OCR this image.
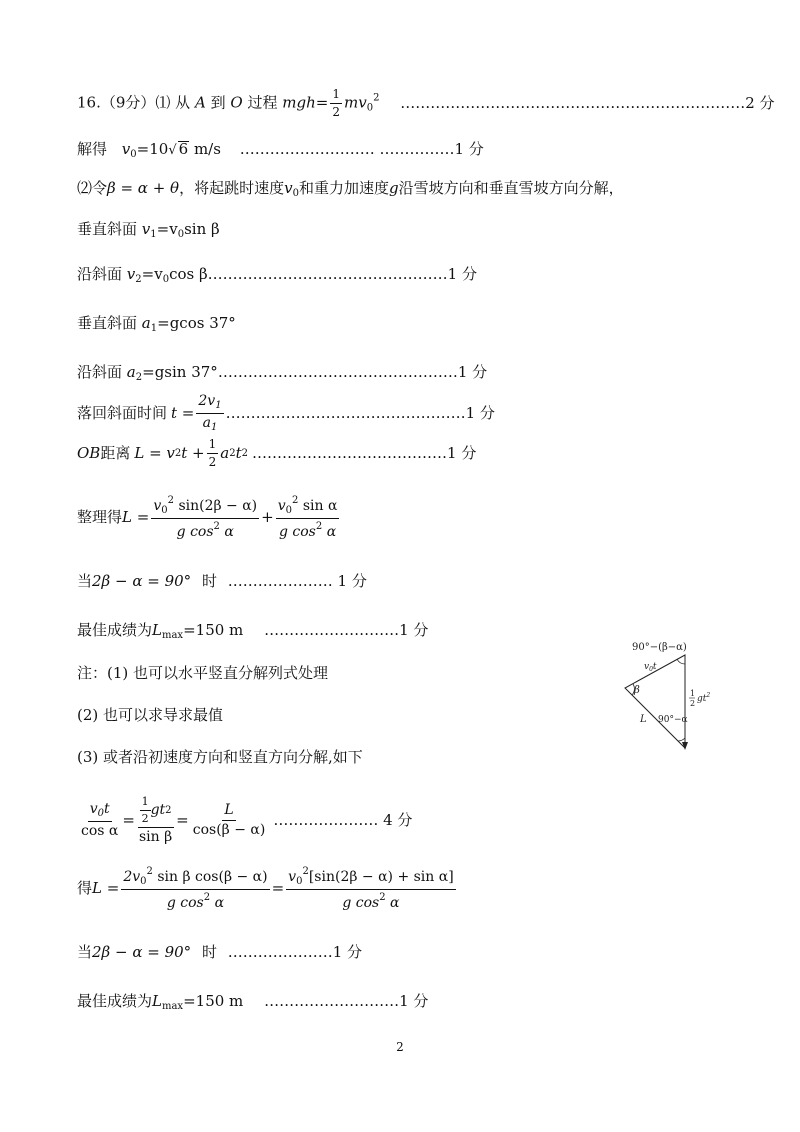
16.（9分）⑴ 从 A 到 O 过程 $mgh= \frac{1}{2} mv_0^2$ ……………………………………………………………2 分
解得 $v_0=10√$ 6 m/s ……………………… ……………1 分
⑵令β = α + θ，将起跳时速度$v_0$和重力加速度g沿雪坡方向和垂直雪坡方向分解，
垂直斜面 $v_1=v_0\sin$ β
沿斜面 $v_2=v_0\cos$ β…………………………………………1 分
垂直斜面 $a_1=gcos$ 37°
沿斜面 $a_2=gsin$ 37°…………………………………………1 分
落回斜面时间 $t = \frac{2v_1}{a_1}$ …………………………………………1 分
OB 距离 L = v 2 $t + \frac{1}{2}$ a 2 t 2 …………………………………1 分
整理得 $L = \frac{v_0^2 \sin(2\beta - \alpha)}{g \cos^2 \alpha} + \frac{v_0^2 \sin \alpha}{g \cos^2 \alpha}$
当2β − α = 90° 时 ………………… 1 分
最佳成绩为$L_{max}=150$ m ………………………1 分
注：(1) 也可以水平竖直分解列式处理
(2) 也可以求导求最值
(3) 或者沿初速度方向和竖直方向分解,如下
$\frac{v_0t}{\text{cos α}} = \frac{\frac{1}{2} gt 2}{\text{sin β}} = \frac{L}{\cos(\beta - \alpha)}$ ………………… 4 分
得 $L = \frac{2v_0^2 \sin \beta \cos(\beta - \alpha)}{g \cos^2 \alpha} = \frac{v_0^2[\sin(2\beta - \alpha) + \sin \alpha]}{g \cos^2 \alpha}$
当2β − α = 90° 时 …………………1 分
最佳成绩为$L_{max}=150$ m ………………………1 分
90°−(β−α)
$v_0t$
β
L 90°−α
1
2 $gt^2$
2
